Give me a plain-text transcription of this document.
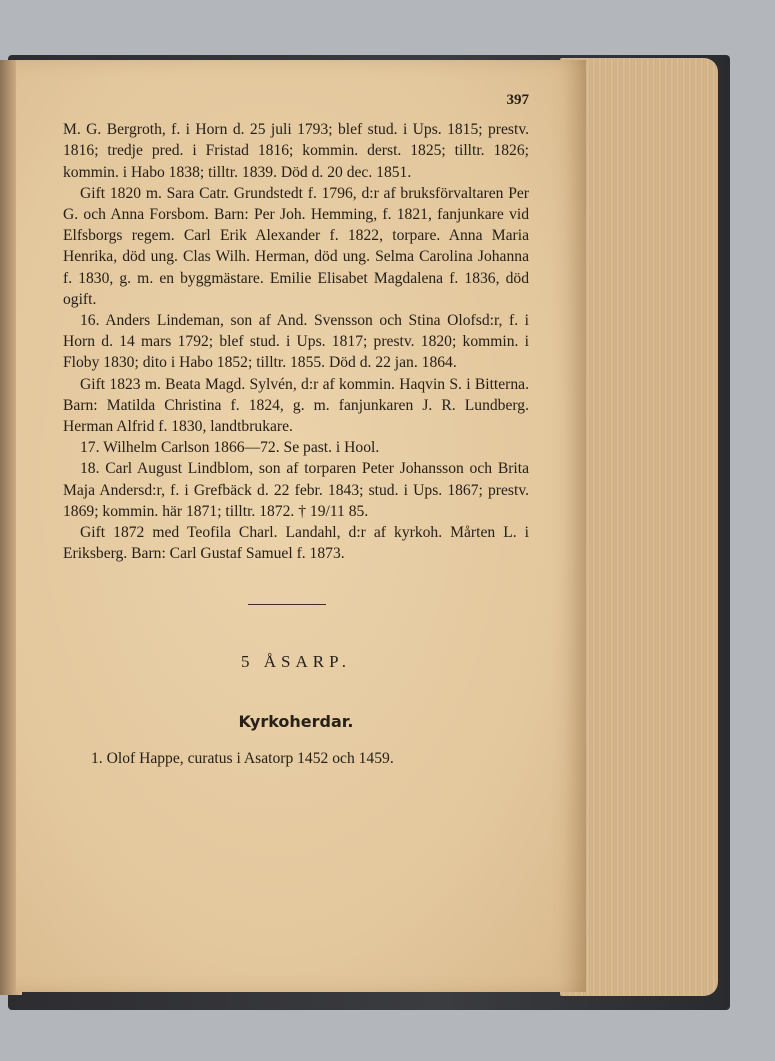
397

M. G. Bergroth, f. i Horn d. 25 juli 1793; blef stud. i Ups. 1815; prestv. 1816; tredje pred. i Fristad 1816; kommin. derst. 1825; tilltr. 1826; kommin. i Habo 1838; tilltr. 1839. Död d. 20 dec. 1851.

Gift 1820 m. Sara Catr. Grundstedt f. 1796, d:r af bruksförvaltaren Per G. och Anna Forsbom. Barn: Per Joh. Hemming, f. 1821, fanjunkare vid Elfsborgs regem. Carl Erik Alexander f. 1822, torpare. Anna Maria Henrika, död ung. Clas Wilh. Herman, död ung. Selma Carolina Johanna f. 1830, g. m. en byggmästare. Emilie Elisabet Magdalena f. 1836, död ogift.

16. Anders Lindeman, son af And. Svensson och Stina Olofsd:r, f. i Horn d. 14 mars 1792; blef stud. i Ups. 1817; prestv. 1820; kommin. i Floby 1830; dito i Habo 1852; tilltr. 1855. Död d. 22 jan. 1864.

Gift 1823 m. Beata Magd. Sylvén, d:r af kommin. Haqvin S. i Bitterna. Barn: Matilda Christina f. 1824, g. m. fanjunkaren J. R. Lundberg. Herman Alfrid f. 1830, landtbrukare.

17. Wilhelm Carlson 1866—72. Se past. i Hool.

18. Carl August Lindblom, son af torparen Peter Johansson och Brita Maja Andersd:r, f. i Grefbäck d. 22 febr. 1843; stud. i Ups. 1867; prestv. 1869; kommin. här 1871; tilltr. 1872. † 19/11 85.

Gift 1872 med Teofila Charl. Landahl, d:r af kyrkoh. Mårten L. i Eriksberg. Barn: Carl Gustaf Samuel f. 1873.

5 ÅSARP.
Kyrkoherdar.

1. Olof Happe, curatus i Asatorp 1452 och 1459.
